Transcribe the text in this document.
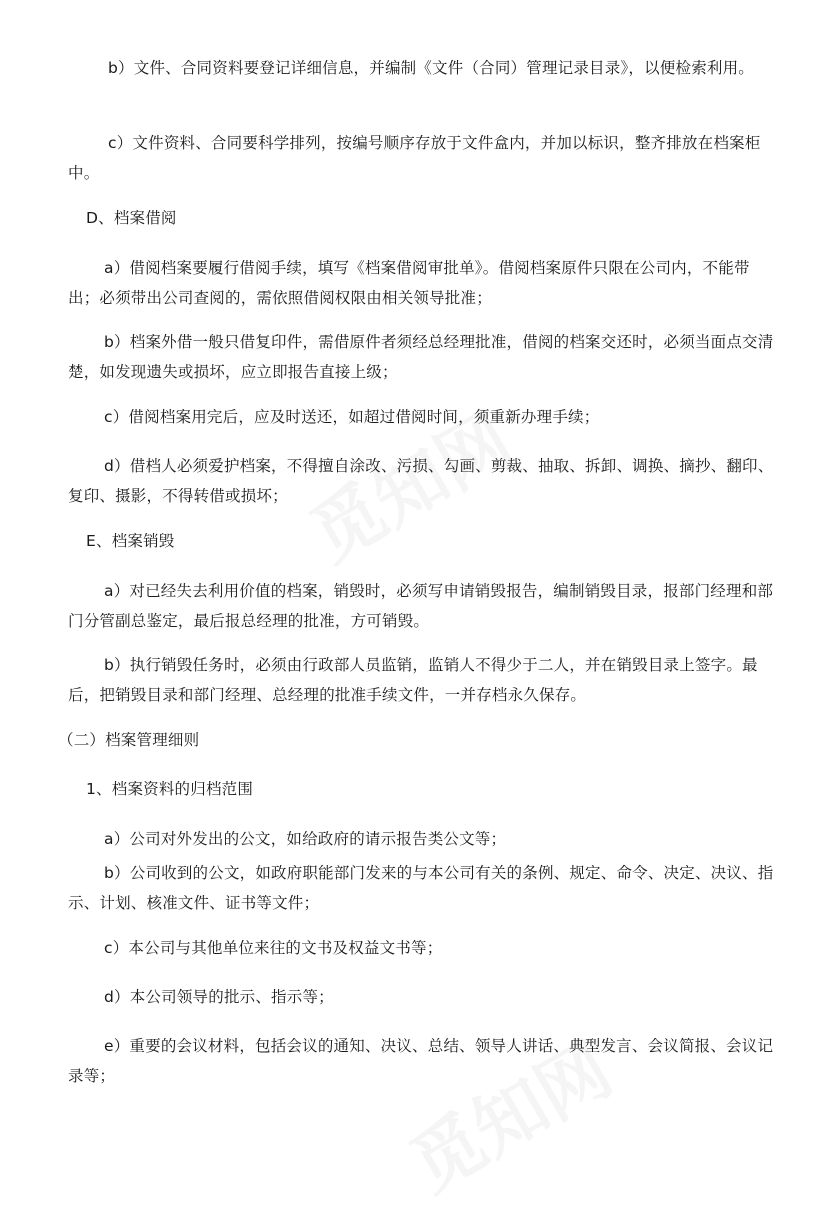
b）文件、合同资料要登记详细信息，并编制《文件（合同）管理记录目录》，以便检索利用。

c）文件资料、合同要科学排列，按编号顺序存放于文件盒内，并加以标识，整齐排放在档案柜中。

D、档案借阅

a）借阅档案要履行借阅手续，填写《档案借阅审批单》。借阅档案原件只限在公司内，不能带出；必须带出公司查阅的，需依照借阅权限由相关领导批准；

b）档案外借一般只借复印件，需借原件者须经总经理批准，借阅的档案交还时，必须当面点交清楚，如发现遗失或损坏，应立即报告直接上级；

c）借阅档案用完后，应及时送还，如超过借阅时间，须重新办理手续；

d）借档人必须爱护档案，不得擅自涂改、污损、勾画、剪裁、抽取、拆卸、调换、摘抄、翻印、复印、摄影，不得转借或损坏；

E、档案销毁

a）对已经失去利用价值的档案，销毁时，必须写申请销毁报告，编制销毁目录，报部门经理和部门分管副总鉴定，最后报总经理的批准，方可销毁。

b）执行销毁任务时，必须由行政部人员监销，监销人不得少于二人，并在销毁目录上签字。最后，把销毁目录和部门经理、总经理的批准手续文件，一并存档永久保存。

（二）档案管理细则

1、档案资料的归档范围

a）公司对外发出的公文，如给政府的请示报告类公文等；

b）公司收到的公文，如政府职能部门发来的与本公司有关的条例、规定、命令、决定、决议、指示、计划、核准文件、证书等文件；

c）本公司与其他单位来往的文书及权益文书等；

d）本公司领导的批示、指示等；

e）重要的会议材料，包括会议的通知、决议、总结、领导人讲话、典型发言、会议简报、会议记录等；
